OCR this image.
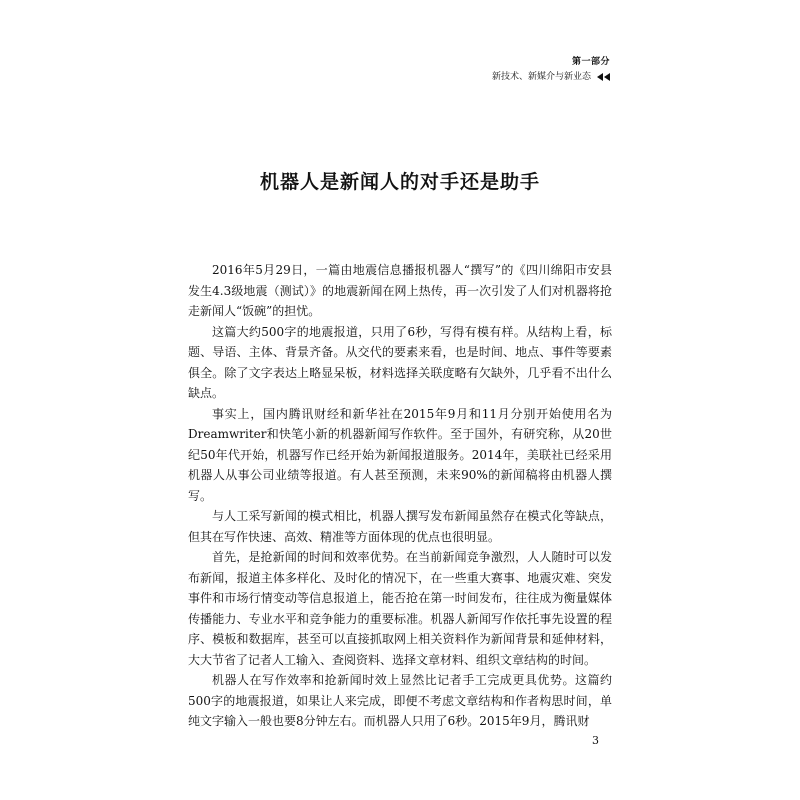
第一部分
新技术、新媒介与新业态
机器人是新闻人的对手还是助手

2016年5月29日，一篇由地震信息播报机器人“撰写”的《四川绵阳市安县发生4.3级地震（测试）》的地震新闻在网上热传，再一次引发了人们对机器将抢走新闻人“饭碗”的担忧。

这篇大约500字的地震报道，只用了6秒，写得有模有样。从结构上看，标题、导语、主体、背景齐备。从交代的要素来看，也是时间、地点、事件等要素俱全。除了文字表达上略显呆板，材料选择关联度略有欠缺外，几乎看不出什么缺点。

事实上，国内腾讯财经和新华社在2015年9月和11月分别开始使用名为Dreamwriter和快笔小新的机器新闻写作软件。至于国外，有研究称，从20世纪50年代开始，机器写作已经开始为新闻报道服务。2014年，美联社已经采用机器人从事公司业绩等报道。有人甚至预测，未来90%的新闻稿将由机器人撰写。

与人工采写新闻的模式相比，机器人撰写发布新闻虽然存在模式化等缺点，但其在写作快速、高效、精准等方面体现的优点也很明显。

首先，是抢新闻的时间和效率优势。在当前新闻竞争激烈，人人随时可以发布新闻，报道主体多样化、及时化的情况下，在一些重大赛事、地震灾难、突发事件和市场行情变动等信息报道上，能否抢在第一时间发布，往往成为衡量媒体传播能力、专业水平和竞争能力的重要标准。机器人新闻写作依托事先设置的程序、模板和数据库，甚至可以直接抓取网上相关资料作为新闻背景和延伸材料，大大节省了记者人工输入、查阅资料、选择文章材料、组织文章结构的时间。

机器人在写作效率和抢新闻时效上显然比记者手工完成更具优势。这篇约500字的地震报道，如果让人来完成，即便不考虑文章结构和作者构思时间，单纯文字输入一般也要8分钟左右。而机器人只用了6秒。2015年9月，腾讯财

3
